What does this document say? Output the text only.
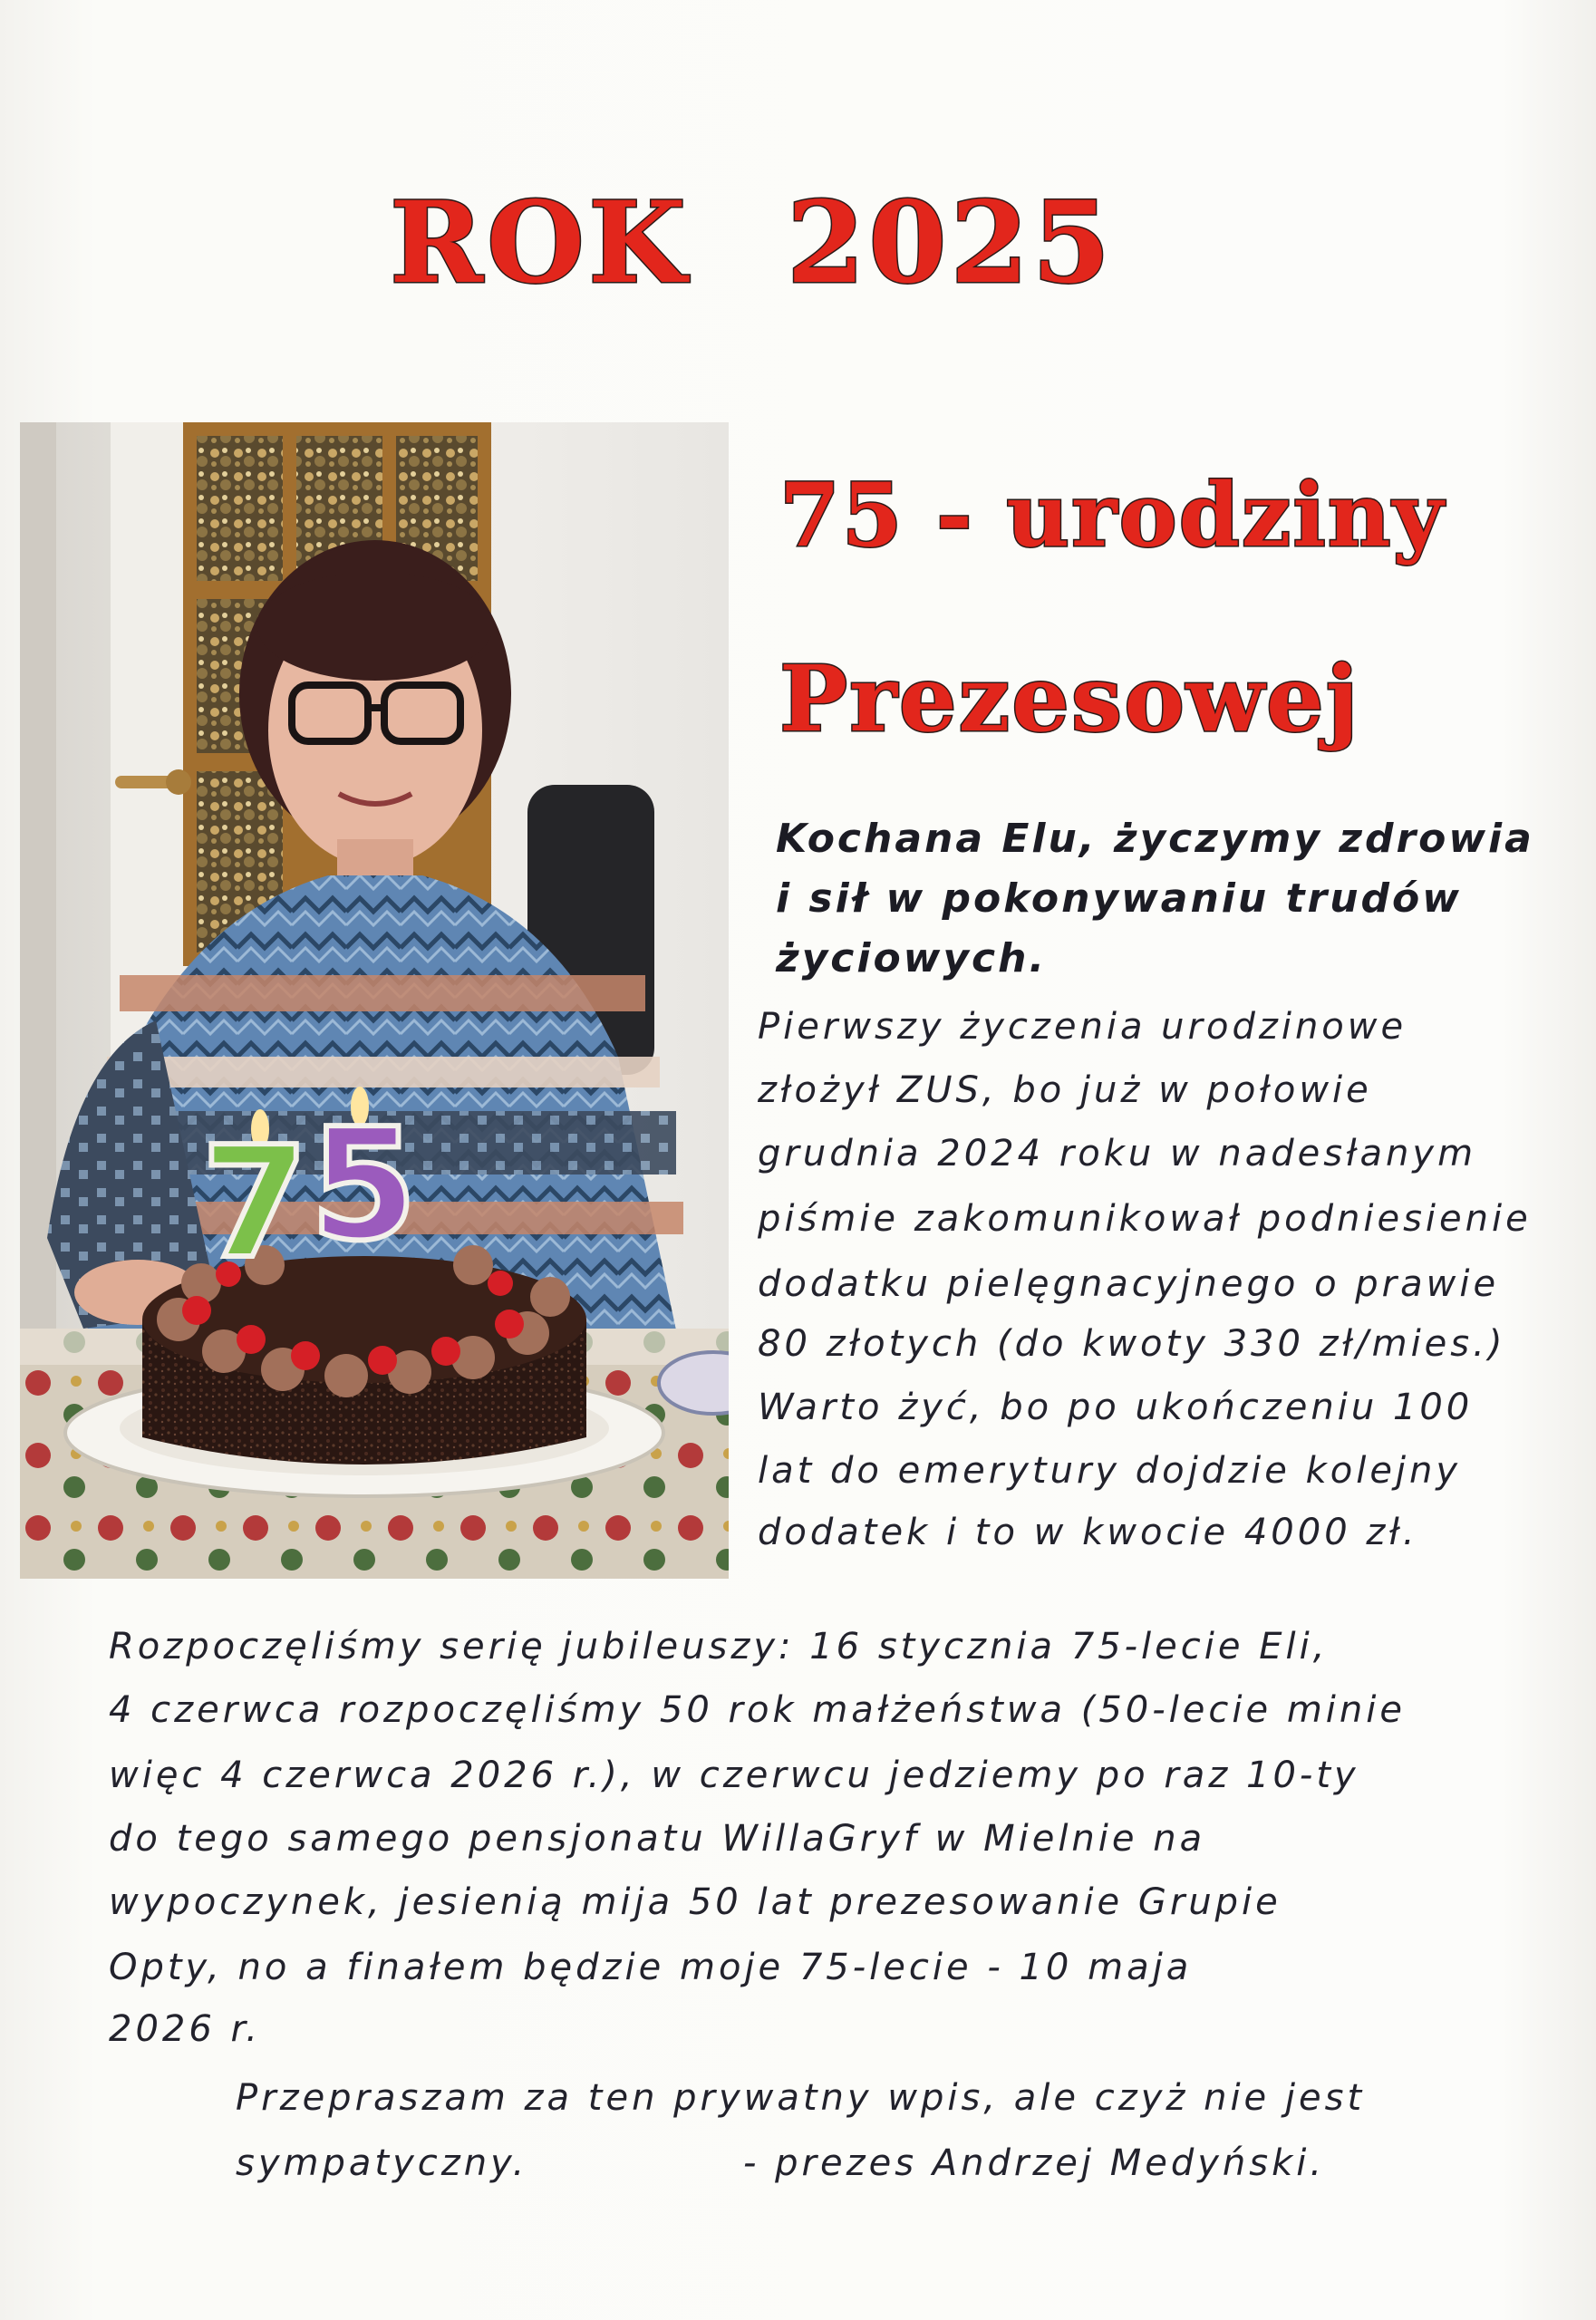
ROK 2025
75 - urodziny
Prezesowej
7 5

Kochana Elu, życzymy zdrowia

i sił w pokonywaniu trudów

życiowych.

Pierwszy życzenia urodzinowe

złożył ZUS, bo już w połowie

grudnia 2024 roku w nadesłanym

piśmie zakomunikował podniesienie

dodatku pielęgnacyjnego o prawie

80 złotych (do kwoty 330 zł/mies.)

Warto żyć, bo po ukończeniu 100

lat do emerytury dojdzie kolejny

dodatek i to w kwocie 4000 zł.

Rozpoczęliśmy serię jubileuszy: 16 stycznia 75-lecie Eli,

4 czerwca rozpoczęliśmy 50 rok małżeństwa (50-lecie minie

więc 4 czerwca 2026 r.), w czerwcu jedziemy po raz 10-ty

do tego samego pensjonatu WillaGryf w Mielnie na

wypoczynek, jesienią mija 50 lat prezesowanie Grupie

Opty, no a finałem będzie moje 75-lecie - 10 maja

2026 r.

Przepraszam za ten prywatny wpis, ale czyż nie jest

sympatyczny.	- prezes Andrzej Medyński.
